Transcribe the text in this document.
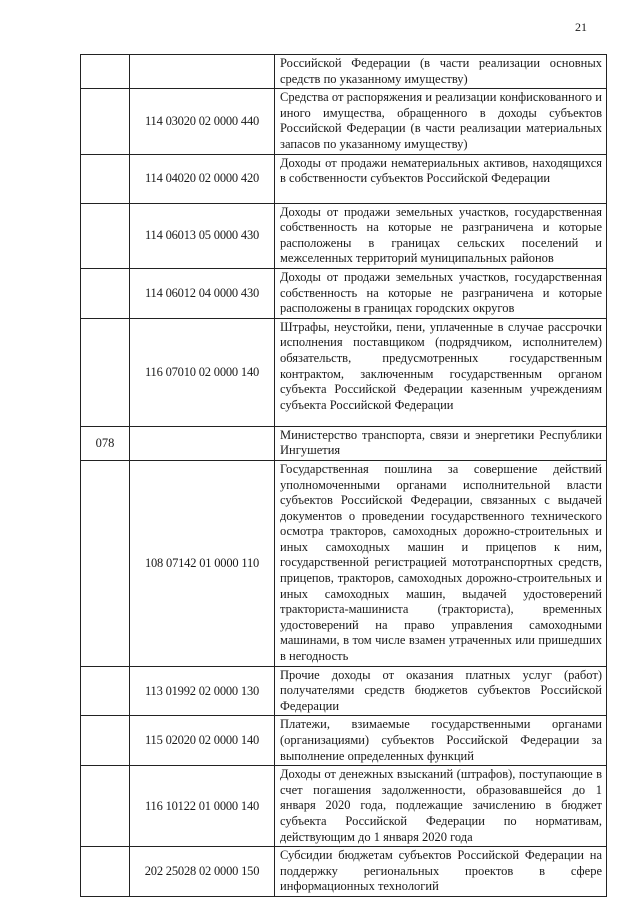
21
		Российской Федерации (в части реализации основных средств по указанному имуществу)
	114 03020 02 0000 440	Средства от распоряжения и реализации конфискованного и иного имущества, обращенного в доходы субъектов Российской Федерации (в части реализации материальных запасов по указанному имуществу)
	114 04020 02 0000 420	Доходы от продажи нематериальных активов, находящихся в собственности субъектов Российской Федерации
	114 06013 05 0000 430	Доходы от продажи земельных участков, государственная собственность на которые не разграничена и которые расположены в границах сельских поселений и межселенных территорий муниципальных районов
	114 06012 04 0000 430	Доходы от продажи земельных участков, государственная собственность на которые не разграничена и которые расположены в границах городских округов
	116 07010 02 0000 140	Штрафы, неустойки, пени, уплаченные в случае рассрочки исполнения поставщиком (подрядчиком, исполнителем) обязательств, предусмотренных государственным контрактом, заключенным государственным органом субъекта Российской Федерации казенным учреждениям субъекта Российской Федерации
078		Министерство транспорта, связи и энергетики Республики Ингушетия
	108 07142 01 0000 110	Государственная пошлина за совершение действий уполномоченными органами исполнительной власти субъектов Российской Федерации, связанных с выдачей документов о проведении государственного технического осмотра тракторов, самоходных дорожно-строительных и иных самоходных машин и прицепов к ним, государственной регистрацией мототранспортных средств, прицепов, тракторов, самоходных дорожно-строительных и иных самоходных машин, выдачей удостоверений тракториста-машиниста (тракториста), временных удостоверений на право управления самоходными машинами, в том числе взамен утраченных или пришедших в негодность
	113 01992 02 0000 130	Прочие доходы от оказания платных услуг (работ) получателями средств бюджетов субъектов Российской Федерации
	115 02020 02 0000 140	Платежи, взимаемые государственными органами (организациями) субъектов Российской Федерации за выполнение определенных функций
	116 10122 01 0000 140	Доходы от денежных взысканий (штрафов), поступающие в счет погашения задолженности, образовавшейся до 1 января 2020 года, подлежащие зачислению в бюджет субъекта Российской Федерации по нормативам, действующим до 1 января 2020 года
	202 25028 02 0000 150	Субсидии бюджетам субъектов Российской Федерации на поддержку региональных проектов в сфере информационных технологий
